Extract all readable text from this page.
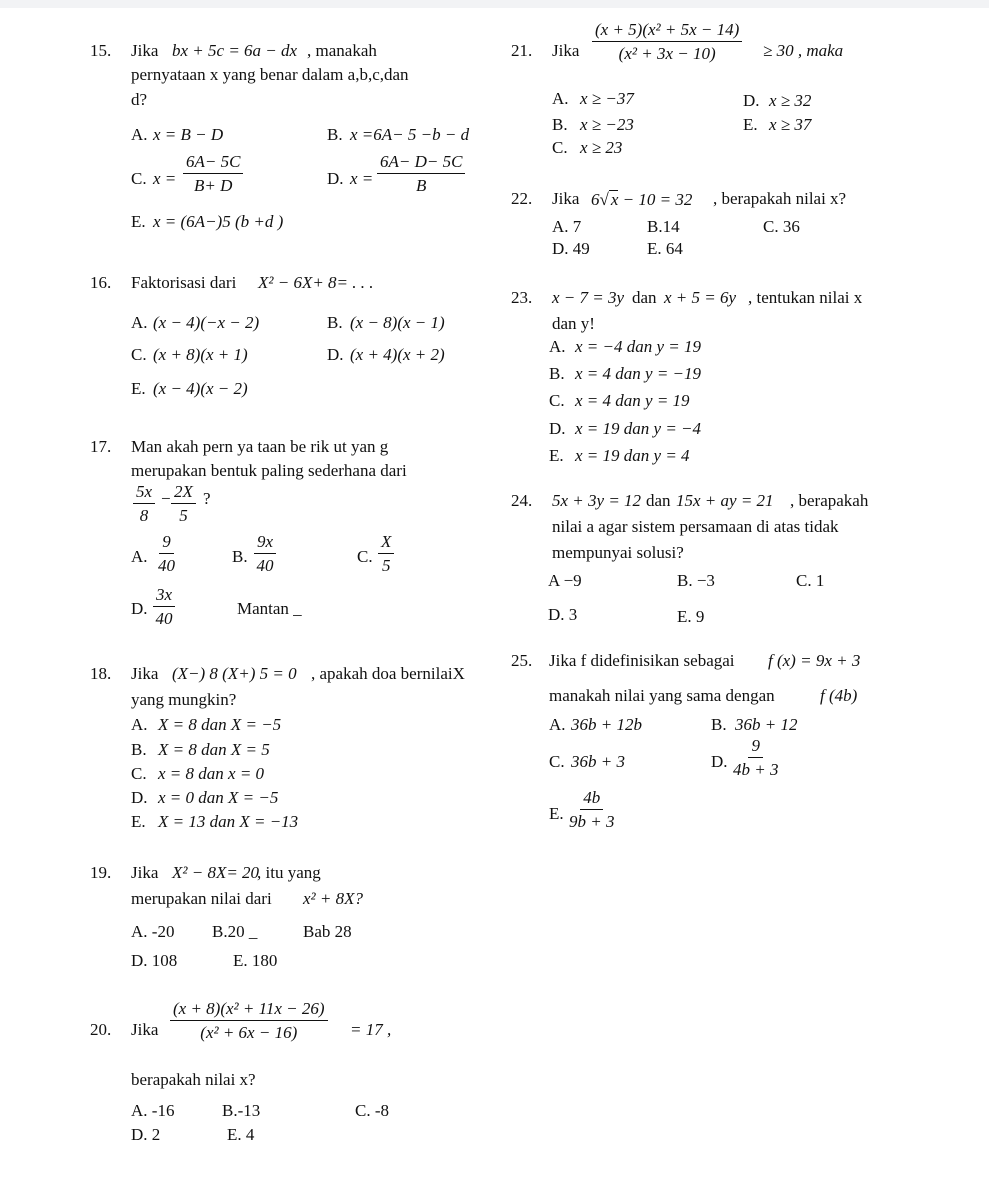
15. Jika bx + 5c = 6a − dx , manakah
pernyataan x yang benar dalam a,b,c,dan
d?
A. x = B − D	B. x =6A− 5 −b − d
C. $x = \frac{6A- 5C}{B+ D}$	D. $x = \frac{6A- D- 5C}{B}$
E. x = (6A−)5 (b +d )
16. Faktorisasi dari X² − 6X+ 8= . . .
A. (x − 4)(−x − 2)	B. (x − 8)(x − 1)
C. (x + 8)(x + 1)	D. (x + 4)(x + 2)
E. (x − 4)(x − 2)
17. Man akah pern ya taan be rik ut yan g
merupakan bentuk paling sederhana dari
$\frac{5x}{8} - \frac{2X}{5}$ ?
A. $\frac{9}{40}$	B. $\frac{9x}{40}$	C. $\frac{X}{5}$
D. $\frac{3x}{40}$	Mantan _
18. Jika (X−) 8 (X+) 5 = 0 , apakah doa bernilaiX
yang mungkin?
A. X = 8 dan X = −5
B. X = 8 dan X = 5
C. x = 8 dan x = 0
D. x = 0 dan X = −5
E. X = 13 dan X = −13
19. Jika X² − 8X= 20
, itu yang
merupakan nilai dari x² + 8X?
A. -20 B.20 _	Bab 28
D. 108	E. 180
20. Jika $\frac{\text{(x + 8)(x² + 11x − 26)}}{\text{(x² + 6x − 16)}} = 17$ ,
berapakah nilai x?
A. -16	B.-13	C. -8
D. 2	E. 4
21. Jika $\frac{\text{(x + 5)(x² + 5x − 14)}}{\text{(x² + 3x − 10)}} \ge 30$ , maka
A. x ≥ −37	D. x ≥ 32
B. x ≥ −23	E. x ≥ 37
C. x ≥ 23
22. Jika 6√ x − 10 = 32 , berapakah nilai x?
A. 7	B.14	C. 36
D. 49	E. 64
23. x − 7 = 3y dan x + 5 = 6y , tentukan nilai x
dan y!
A. x = −4 dan y = 19
B. x = 4 dan y = −19
C. x = 4 dan y = 19
D. x = 19 dan y = −4
E. x = 19 dan y = 4
24. 5x + 3y = 12 dan 15x + ay = 21 , berapakah
nilai a agar sistem persamaan di atas tidak
mempunyai solusi?
A −9	B. −3	C. 1
D. 3	E. 9
25. Jika f didefinisikan sebagai f (x) = 9x + 3
manakah nilai yang sama dengan	f (4b)
A. 36b + 12b	B. 36b + 12
C. 36b + 3	D. $\frac{9}{4b + 3}$
E. $\frac{4b}{9b + 3}$
